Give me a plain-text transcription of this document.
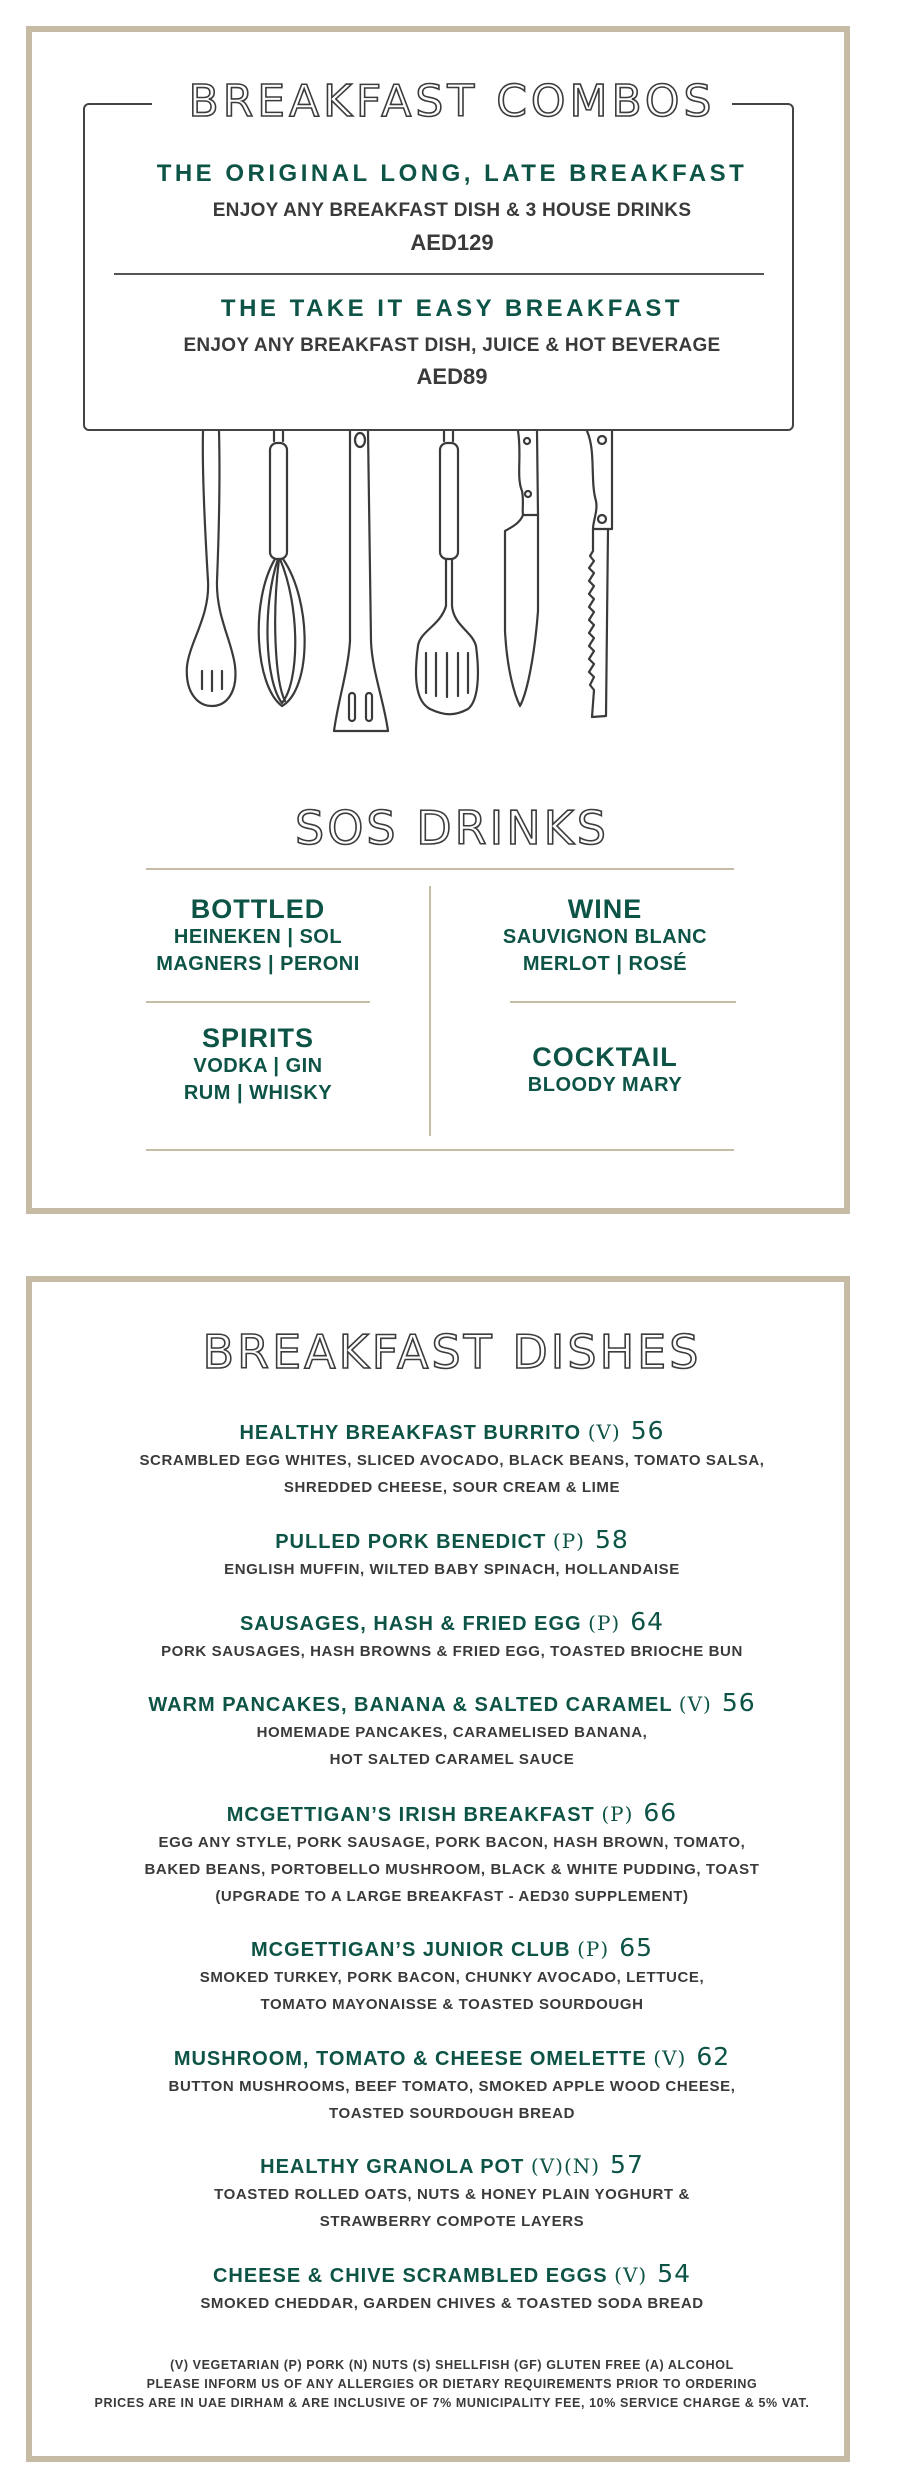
BREAKFAST COMBOS
THE ORIGINAL LONG, LATE BREAKFAST
ENJOY ANY BREAKFAST DISH & 3 HOUSE DRINKS
AED129
THE TAKE IT EASY BREAKFAST
ENJOY ANY BREAKFAST DISH, JUICE & HOT BEVERAGE
AED89
SOS DRINKS
BOTTLED
HEINEKEN | SOL
MAGNERS | PERONI
WINE
SAUVIGNON BLANC
MERLOT | ROSÉ
SPIRITS
VODKA | GIN
RUM | WHISKY
COCKTAIL
BLOODY MARY
BREAKFAST DISHES
HEALTHY BREAKFAST BURRITO (V) 56
SCRAMBLED EGG WHITES, SLICED AVOCADO, BLACK BEANS, TOMATO SALSA,
SHREDDED CHEESE, SOUR CREAM & LIME
PULLED PORK BENEDICT (P) 58
ENGLISH MUFFIN, WILTED BABY SPINACH, HOLLANDAISE
SAUSAGES, HASH & FRIED EGG (P) 64
PORK SAUSAGES, HASH BROWNS & FRIED EGG, TOASTED BRIOCHE BUN
WARM PANCAKES, BANANA & SALTED CARAMEL (V) 56
HOMEMADE PANCAKES, CARAMELISED BANANA,
HOT SALTED CARAMEL SAUCE
MCGETTIGAN’S IRISH BREAKFAST (P) 66
EGG ANY STYLE, PORK SAUSAGE, PORK BACON, HASH BROWN, TOMATO,
BAKED BEANS, PORTOBELLO MUSHROOM, BLACK & WHITE PUDDING, TOAST
(UPGRADE TO A LARGE BREAKFAST - AED30 SUPPLEMENT)
MCGETTIGAN’S JUNIOR CLUB (P) 65
SMOKED TURKEY, PORK BACON, CHUNKY AVOCADO, LETTUCE,
TOMATO MAYONAISSE & TOASTED SOURDOUGH
MUSHROOM, TOMATO & CHEESE OMELETTE (V) 62
BUTTON MUSHROOMS, BEEF TOMATO, SMOKED APPLE WOOD CHEESE,
TOASTED SOURDOUGH BREAD
HEALTHY GRANOLA POT (V)(N) 57
TOASTED ROLLED OATS, NUTS & HONEY PLAIN YOGHURT &
STRAWBERRY COMPOTE LAYERS
CHEESE & CHIVE SCRAMBLED EGGS (V) 54
SMOKED CHEDDAR, GARDEN CHIVES & TOASTED SODA BREAD
(V) VEGETARIAN (P) PORK (N) NUTS (S) SHELLFISH (GF) GLUTEN FREE (A) ALCOHOL
PLEASE INFORM US OF ANY ALLERGIES OR DIETARY REQUIREMENTS PRIOR TO ORDERING
PRICES ARE IN UAE DIRHAM & ARE INCLUSIVE OF 7% MUNICIPALITY FEE, 10% SERVICE CHARGE & 5% VAT.
